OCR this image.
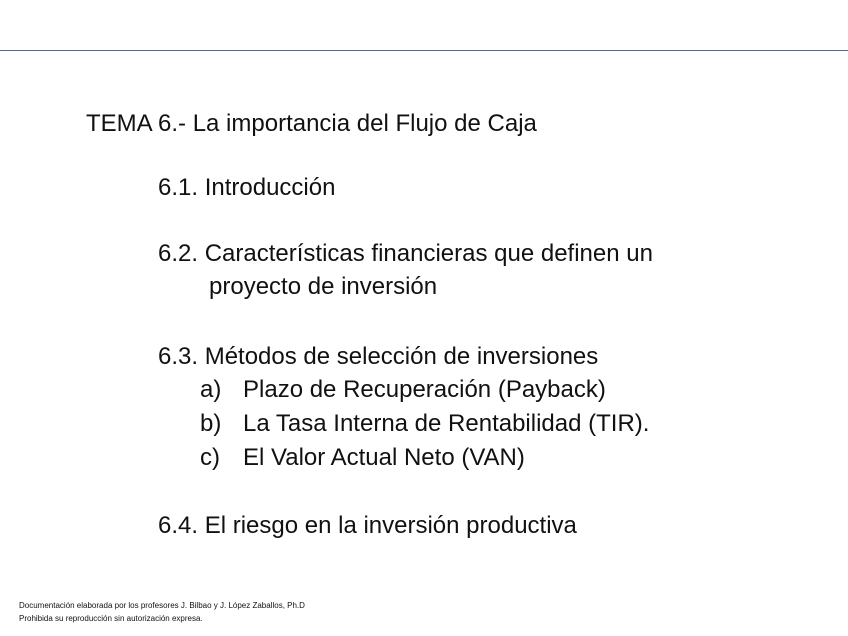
TEMA 6.- La importancia del Flujo de Caja
6.1. Introducción
6.2. Características financieras que definen un
proyecto de inversión
6.3. Métodos de selección de inversiones
a) Plazo de Recuperación (Payback)
b) La Tasa Interna de Rentabilidad (TIR).
c) El Valor Actual Neto (VAN)
6.4. El riesgo en la inversión productiva
Documentación elaborada por los profesores J. Bilbao y J. López Zaballos, Ph.D
Prohibida su reproducción sin autorización expresa.
